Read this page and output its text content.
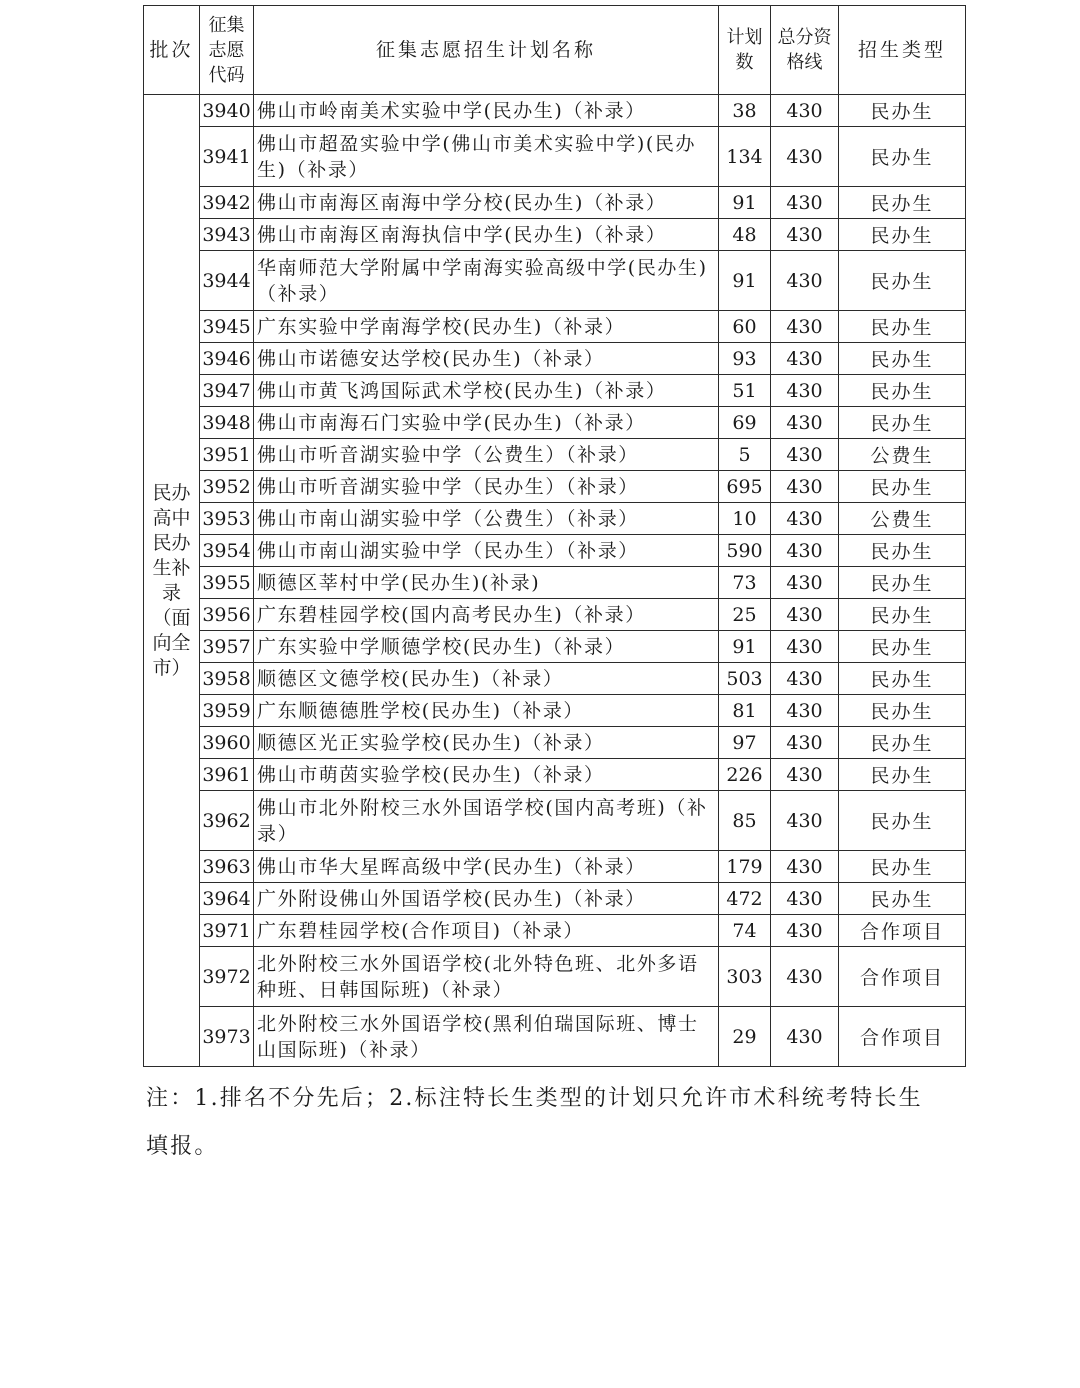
批次	征集志愿代码	征集志愿招生计划名称	计划数	总分资格线	招生类型
民办高中民办生补录（面向全市）	3940	佛山市岭南美术实验中学(民办生)（补录）	38	430	民办生
	3941	佛山市超盈实验中学(佛山市美术实验中学)(民办生)（补录）	134	430	民办生
	3942	佛山市南海区南海中学分校(民办生)（补录）	91	430	民办生
	3943	佛山市南海区南海执信中学(民办生)（补录）	48	430	民办生
	3944	华南师范大学附属中学南海实验高级中学(民办生)（补录）	91	430	民办生
	3945	广东实验中学南海学校(民办生)（补录）	60	430	民办生
	3946	佛山市诺德安达学校(民办生)（补录）	93	430	民办生
	3947	佛山市黄飞鸿国际武术学校(民办生)（补录）	51	430	民办生
	3948	佛山市南海石门实验中学(民办生)（补录）	69	430	民办生
	3951	佛山市听音湖实验中学（公费生）（补录）	5	430	公费生
	3952	佛山市听音湖实验中学（民办生）（补录）	695	430	民办生
	3953	佛山市南山湖实验中学（公费生）（补录）	10	430	公费生
	3954	佛山市南山湖实验中学（民办生）（补录）	590	430	民办生
	3955	顺德区莘村中学(民办生)(补录)	73	430	民办生
	3956	广东碧桂园学校(国内高考民办生)（补录）	25	430	民办生
	3957	广东实验中学顺德学校(民办生)（补录）	91	430	民办生
	3958	顺德区文德学校(民办生)（补录）	503	430	民办生
	3959	广东顺德德胜学校(民办生)（补录）	81	430	民办生
	3960	顺德区光正实验学校(民办生)（补录）	97	430	民办生
	3961	佛山市萌茵实验学校(民办生)（补录）	226	430	民办生
	3962	佛山市北外附校三水外国语学校(国内高考班)（补录）	85	430	民办生
	3963	佛山市华大星晖高级中学(民办生)（补录）	179	430	民办生
	3964	广外附设佛山外国语学校(民办生)（补录）	472	430	民办生
	3971	广东碧桂园学校(合作项目)（补录）	74	430	合作项目
	3972	北外附校三水外国语学校(北外特色班、北外多语种班、日韩国际班)（补录）	303	430	合作项目
	3973	北外附校三水外国语学校(黑利伯瑞国际班、博士山国际班)（补录）	29	430	合作项目

注：1.排名不分先后；2.标注特长生类型的计划只允许市术科统考特长生填报。
